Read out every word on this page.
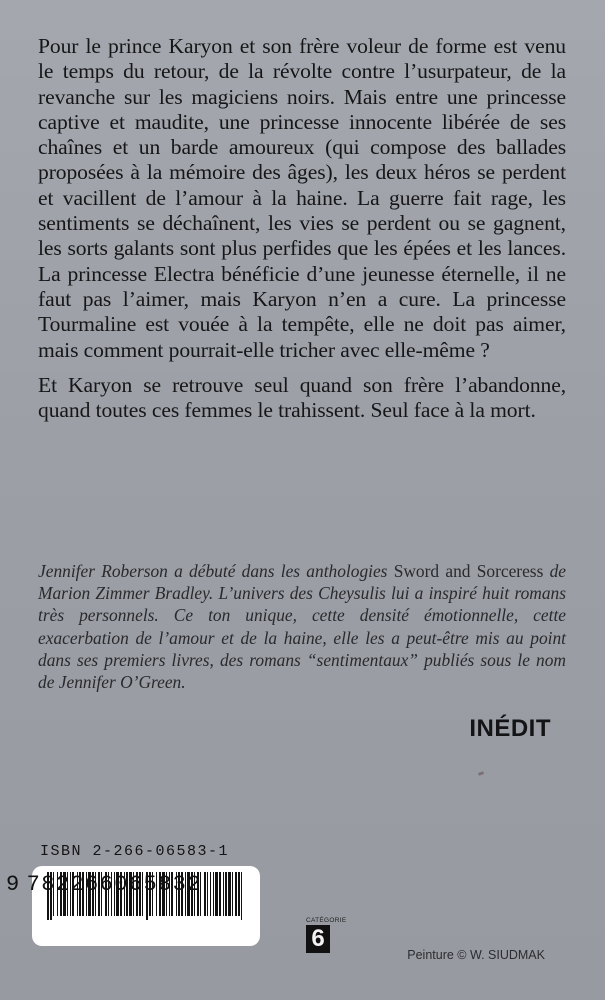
Pour le prince Karyon et son frère voleur de forme est venu le temps du retour, de la révolte contre l’usurpateur, de la revanche sur les magiciens noirs. Mais entre une princesse captive et maudite, une princesse innocente libérée de ses chaînes et un barde amoureux (qui compose des ballades proposées à la mémoire des âges), les deux héros se perdent et vacillent de l’amour à la haine. La guerre fait rage, les sentiments se déchaînent, les vies se perdent ou se gagnent, les sorts galants sont plus perfides que les épées et les lances. La princesse Electra bénéficie d’une jeunesse éternelle, il ne faut pas l’aimer, mais Karyon n’en a cure. La princesse Tourmaline est vouée à la tempête, elle ne doit pas aimer, mais comment pourrait-elle tricher avec elle-même ?

Et Karyon se retrouve seul quand son frère l’abandonne, quand toutes ces femmes le trahissent. Seul face à la mort.

Jennifer Roberson a débuté dans les anthologies Sword and Sorceress de Marion Zimmer Bradley. L’univers des Cheysulis lui a inspiré huit romans très personnels. Ce ton unique, cette densité émotionnelle, cette exacerbation de l’amour et de la haine, elle les a peut-être mis au point dans ses premiers livres, des romans “sentimentaux” publiés sous le nom de Jennifer O’Green.
INÉDIT
ISBN 2-266-06583-1
9 782266065832
CATÉGORIE
6
Peinture © W. SIUDMAK
